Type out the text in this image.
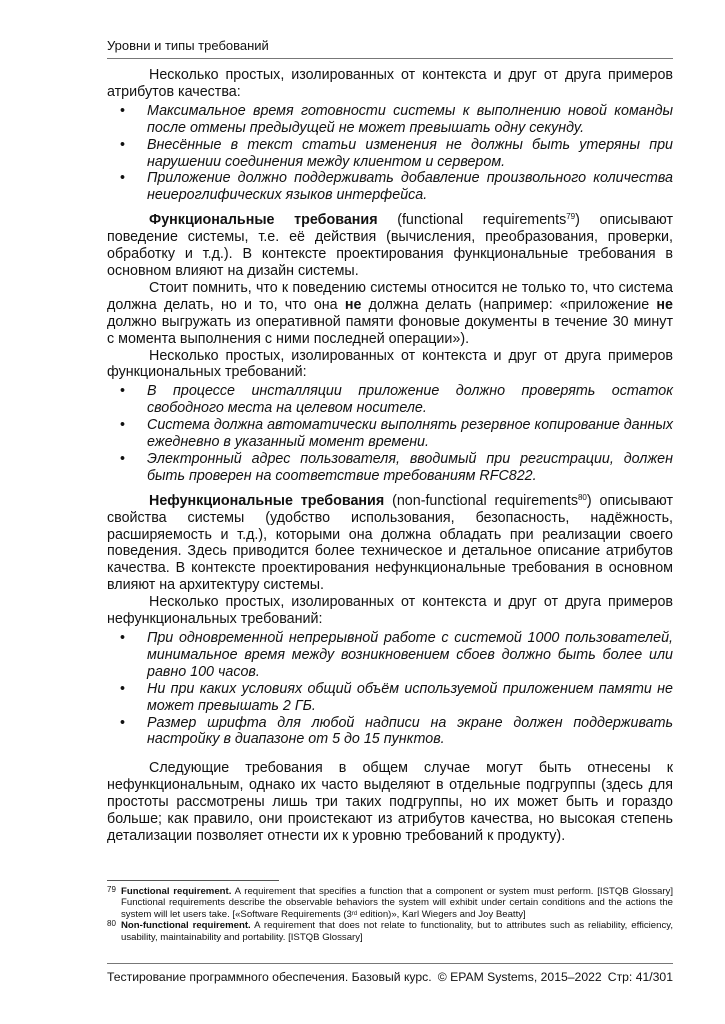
Уровни и типы требований

Несколько простых, изолированных от контекста и друг от друга примеров атрибутов качества:

• Максимальное время готовности системы к выполнению новой команды после отмены предыдущей не может превышать одну секунду.
• Внесённые в текст статьи изменения не должны быть утеряны при нарушении соединения между клиентом и сервером.
• Приложение должно поддерживать добавление произвольного количества неиероглифических языков интерфейса.

Функциональные требования (functional requirements$^{79}$) описывают поведение системы, т.е. её действия (вычисления, преобразования, проверки, обработку и т.д.). В контексте проектирования функциональные требования в основном влияют на дизайн системы.

Стоит помнить, что к поведению системы относится не только то, что система должна делать, но и то, что она не должна делать (например: «приложение не должно выгружать из оперативной памяти фоновые документы в течение 30 минут с момента выполнения с ними последней операции»).

Несколько простых, изолированных от контекста и друг от друга примеров функциональных требований:

• В процессе инсталляции приложение должно проверять остаток свободного места на целевом носителе.
• Система должна автоматически выполнять резервное копирование данных ежедневно в указанный момент времени.
• Электронный адрес пользователя, вводимый при регистрации, должен быть проверен на соответствие требованиям RFC822.

Нефункциональные требования (non-functional requirements$^{80}$) описывают свойства системы (удобство использования, безопасность, надёжность, расширяемость и т.д.), которыми она должна обладать при реализации своего поведения. Здесь приводится более техническое и детальное описание атрибутов качества. В контексте проектирования нефункциональные требования в основном влияют на архитектуру системы.

Несколько простых, изолированных от контекста и друг от друга примеров нефункциональных требований:

• При одновременной непрерывной работе с системой 1000 пользователей, минимальное время между возникновением сбоев должно быть более или равно 100 часов.
• Ни при каких условиях общий объём используемой приложением памяти не может превышать 2 ГБ.
• Размер шрифта для любой надписи на экране должен поддерживать настройку в диапазоне от 5 до 15 пунктов.

Следующие требования в общем случае могут быть отнесены к нефункциональным, однако их часто выделяют в отдельные подгруппы (здесь для простоты рассмотрены лишь три таких подгруппы, но их может быть и гораздо больше; как правило, они проистекают из атрибутов качества, но высокая степень детализации позволяет отнести их к уровню требований к продукту).

79 Functional requirement. A requirement that specifies a function that a component or system must perform. [ISTQB Glossary] Functional requirements describe the observable behaviors the system will exhibit under certain conditions and the actions the system will let users take. [«Software Requirements (3rd edition)», Karl Wiegers and Joy Beatty]
80 Non-functional requirement. A requirement that does not relate to functionality, but to attributes such as reliability, efficiency, usability, maintainability and portability. [ISTQB Glossary]
Тестирование программного обеспечения. Базовый курс. © EPAM Systems, 2015–2022 Стр: 41/301
